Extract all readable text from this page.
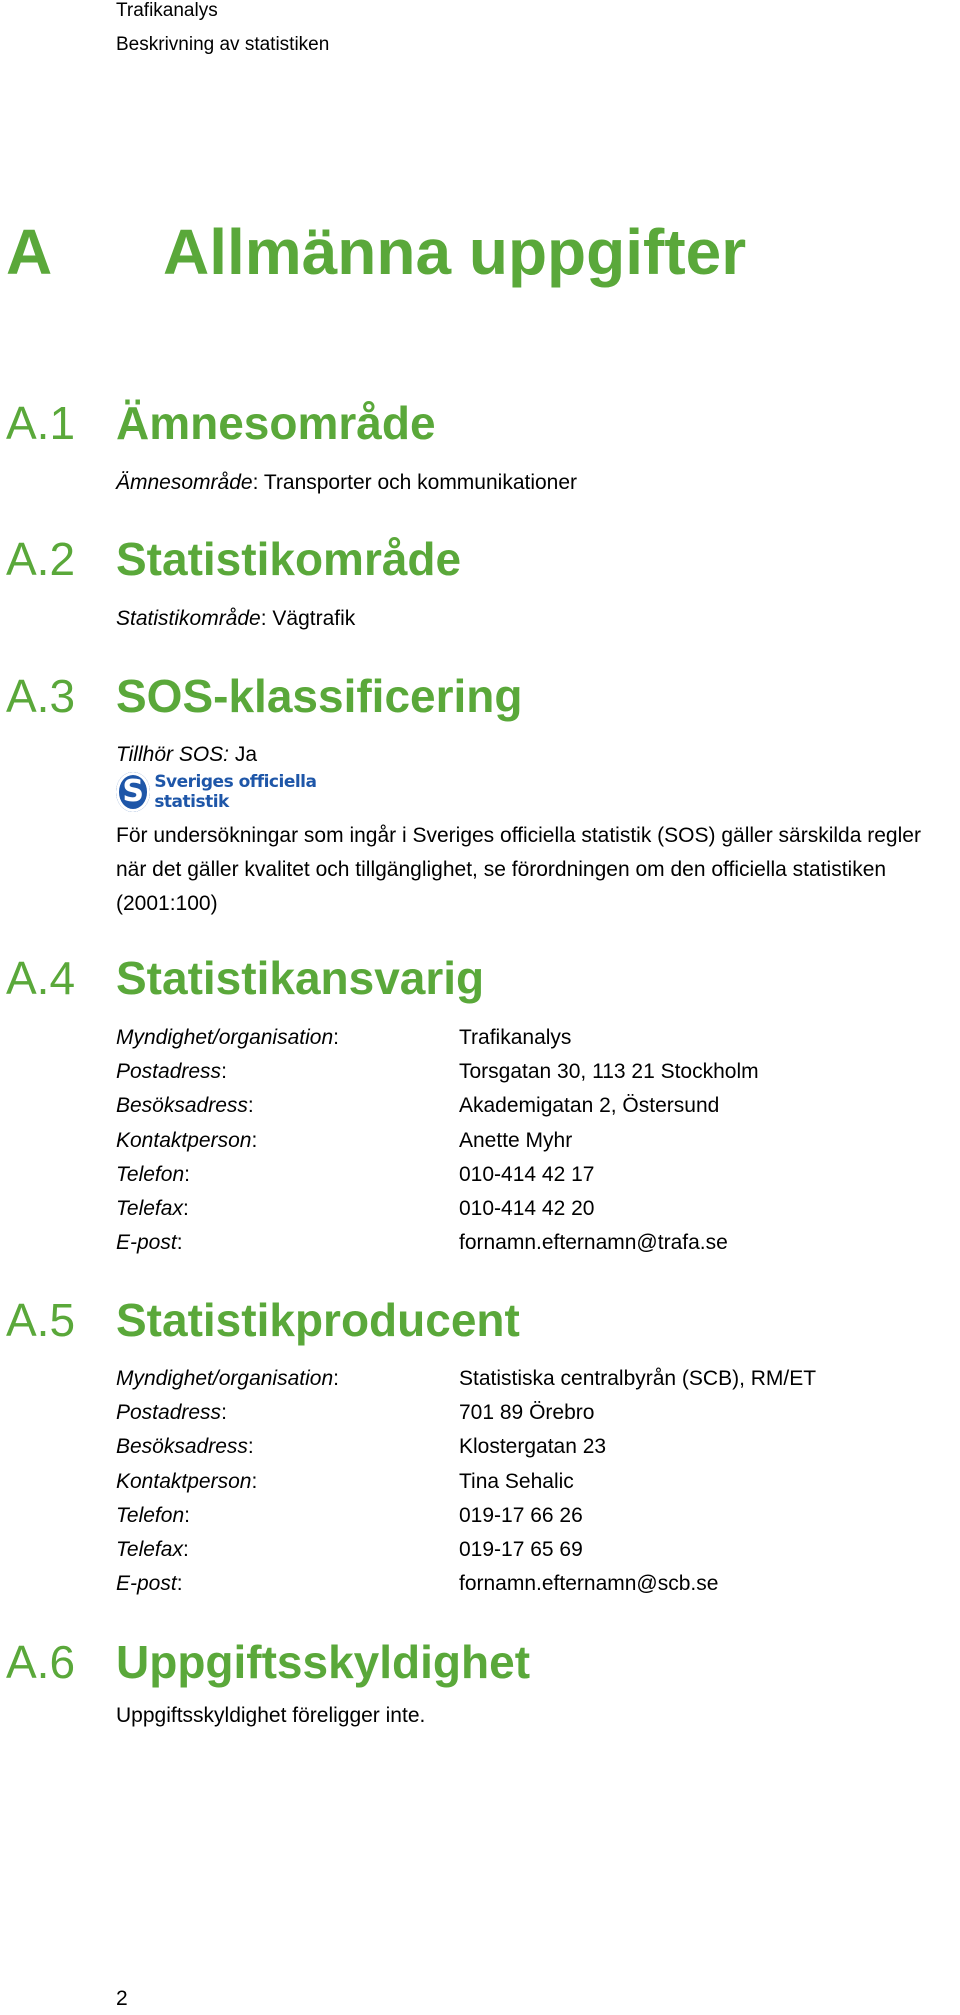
Trafikanalys
Beskrivning av statistiken
A Allmänna uppgifter
A.1 Ämnesområde
Ämnesområde: Transporter och kommunikationer
A.2 Statistikområde
Statistikområde: Vägtrafik
A.3 SOS-klassificering
Tillhör SOS: Ja
S Sveriges officiella statistik
För undersökningar som ingår i Sveriges officiella statistik (SOS) gäller särskilda regler när det gäller kvalitet och tillgänglighet, se förordningen om den officiella statistiken (2001:100)
A.4 Statistikansvarig
Myndighet/organisation:	Trafikanalys
Postadress:	Torsgatan 30, 113 21 Stockholm
Besöksadress:	Akademigatan 2, Östersund
Kontaktperson:	Anette Myhr
Telefon:	010-414 42 17
Telefax:	010-414 42 20
E-post:	fornamn.efternamn@trafa.se
A.5 Statistikproducent
Myndighet/organisation:	Statistiska centralbyrån (SCB), RM/ET
Postadress:	701 89 Örebro
Besöksadress:	Klostergatan 23
Kontaktperson:	Tina Sehalic
Telefon:	019-17 66 26
Telefax:	019-17 65 69
E-post:	fornamn.efternamn@scb.se
A.6 Uppgiftsskyldighet
Uppgiftsskyldighet föreligger inte.
2
